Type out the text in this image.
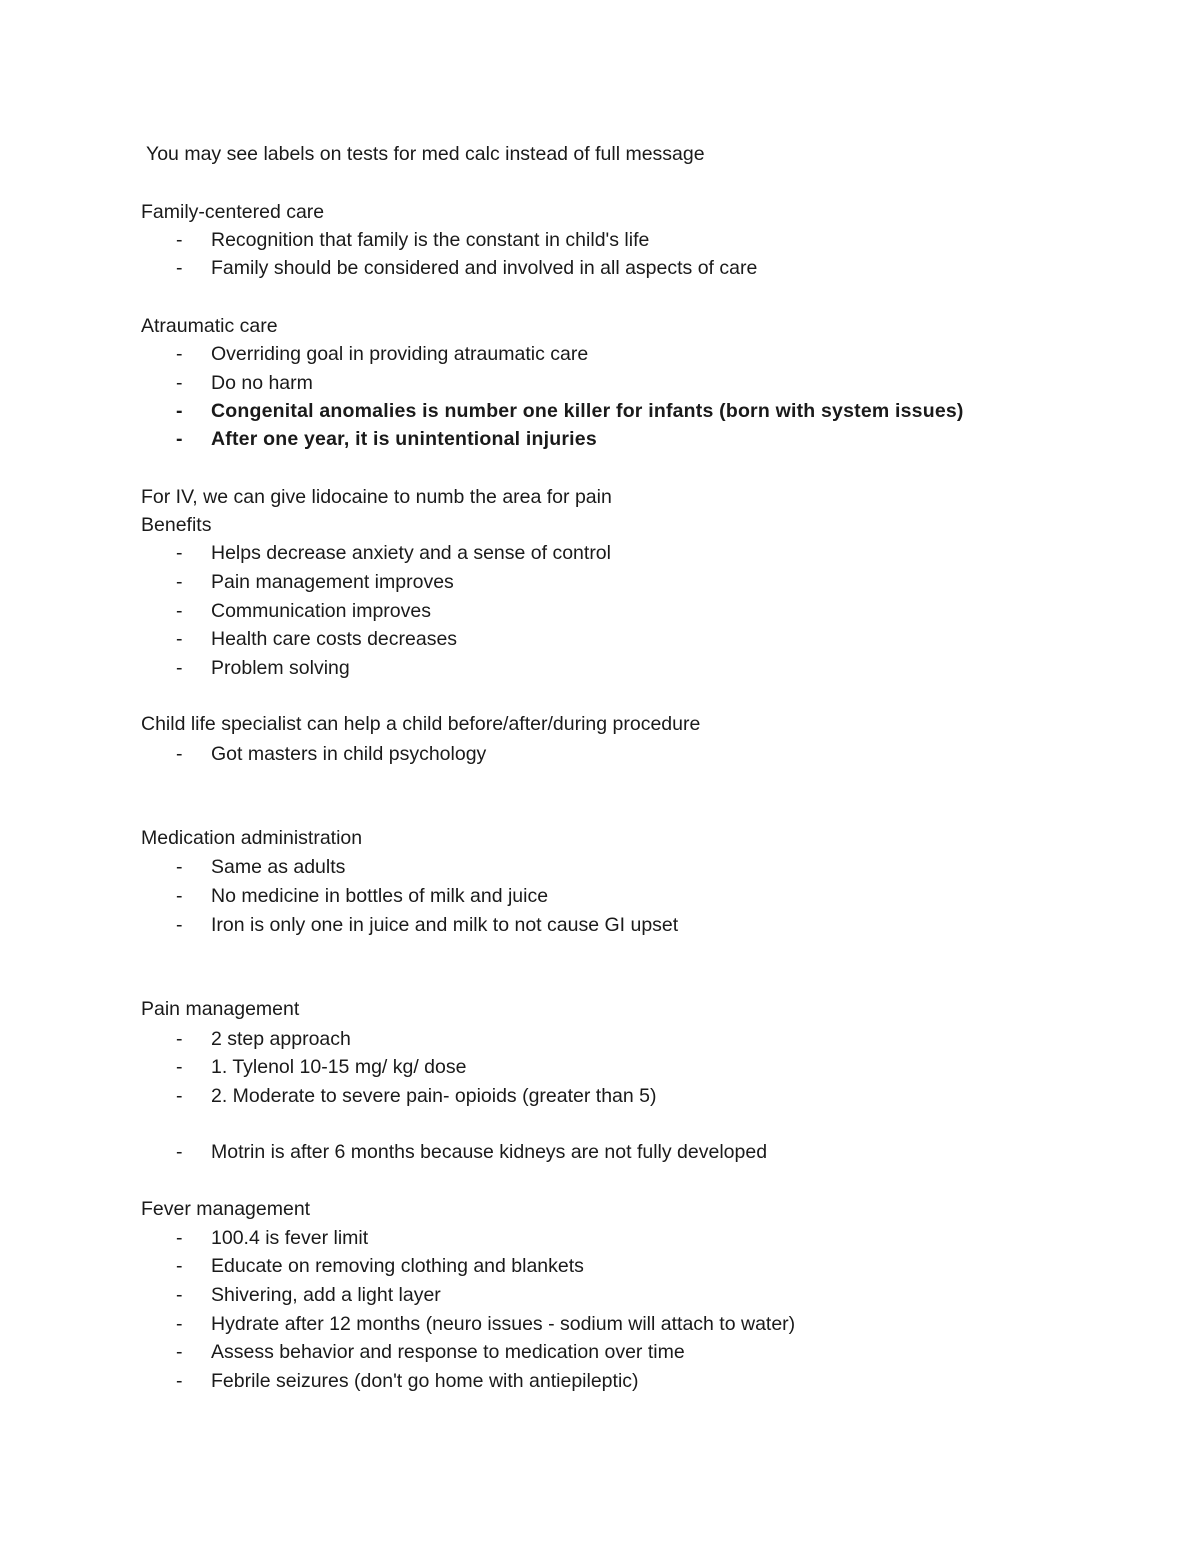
You may see labels on tests for med calc instead of full message
Family-centered care
- Recognition that family is the constant in child's life
- Family should be considered and involved in all aspects of care
Atraumatic care
- Overriding goal in providing atraumatic care
- Do no harm
- Congenital anomalies is number one killer for infants (born with system issues)
- After one year, it is unintentional injuries
For IV, we can give lidocaine to numb the area for pain
Benefits
- Helps decrease anxiety and a sense of control
- Pain management improves
- Communication improves
- Health care costs decreases
- Problem solving
Child life specialist can help a child before/after/during procedure
- Got masters in child psychology
Medication administration
- Same as adults
- No medicine in bottles of milk and juice
- Iron is only one in juice and milk to not cause GI upset
Pain management
- 2 step approach
- 1. Tylenol 10-15 mg/ kg/ dose
- 2. Moderate to severe pain- opioids (greater than 5)
- Motrin is after 6 months because kidneys are not fully developed
Fever management
- 100.4 is fever limit
- Educate on removing clothing and blankets
- Shivering, add a light layer
- Hydrate after 12 months (neuro issues - sodium will attach to water)
- Assess behavior and response to medication over time
- Febrile seizures (don't go home with antiepileptic)
